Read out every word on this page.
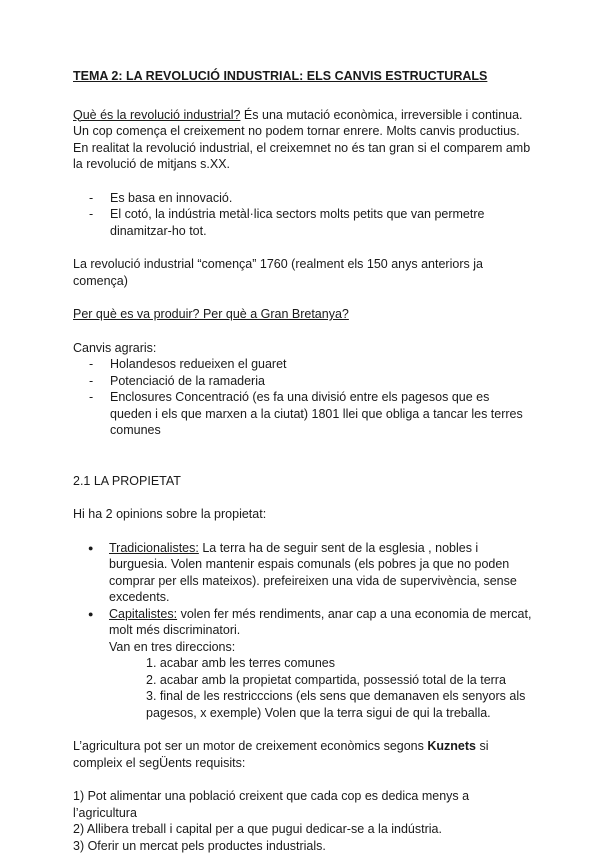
TEMA 2: LA REVOLUCIÓ INDUSTRIAL: ELS CANVIS ESTRUCTURALS

Què és la revolució industrial? És una mutació econòmica, irreversible i continua. Un cop comença el creixement no podem tornar enrere. Molts canvis productius. En realitat la revolució industrial, el creixemnet no és tan gran si el comparem amb la revolució de mitjans s.XX.

- Es basa en innovació.
- El cotó, la indústria metàl·lica sectors molts petits que van permetre dinamitzar-ho tot.

La revolució industrial “comença” 1760 (realment els 150 anys anteriors ja comença)

Per què es va produir? Per què a Gran Bretanya?

Canvis agraris:

- Holandesos redueixen el guaret
- Potenciació de la ramaderia
- Enclosures Concentració (es fa una divisió entre els pagesos que es queden i els que marxen a la ciutat) 1801 llei que obliga a tancar les terres comunes

2.1 LA PROPIETAT

Hi ha 2 opinions sobre la propietat:

● Tradicionalistes: La terra ha de seguir sent de la esglesia , nobles i burguesia. Volen mantenir espais comunals (els pobres ja que no poden comprar per ells mateixos). prefeireixen una vida de supervivència, sense excedents.
● Capitalistes: volen fer més rendiments, anar cap a una economia de mercat, molt més discriminatori.
Van en tres direccions:
1. acabar amb les terres comunes
2. acabar amb la propietat compartida, possessió total de la terra
3. final de les restricccions (els sens que demanaven els senyors als pagesos, x exemple) Volen que la terra sigui de qui la treballa.

L’agricultura pot ser un motor de creixement econòmics segons Kuznets si compleix el segÜents requisits:

1) Pot alimentar una població creixent que cada cop es dedica menys a l’agricultura
2) Allibera treball i capital per a que pugui dedicar-se a la indústria.
3) Oferir un mercat pels productes industrials.
